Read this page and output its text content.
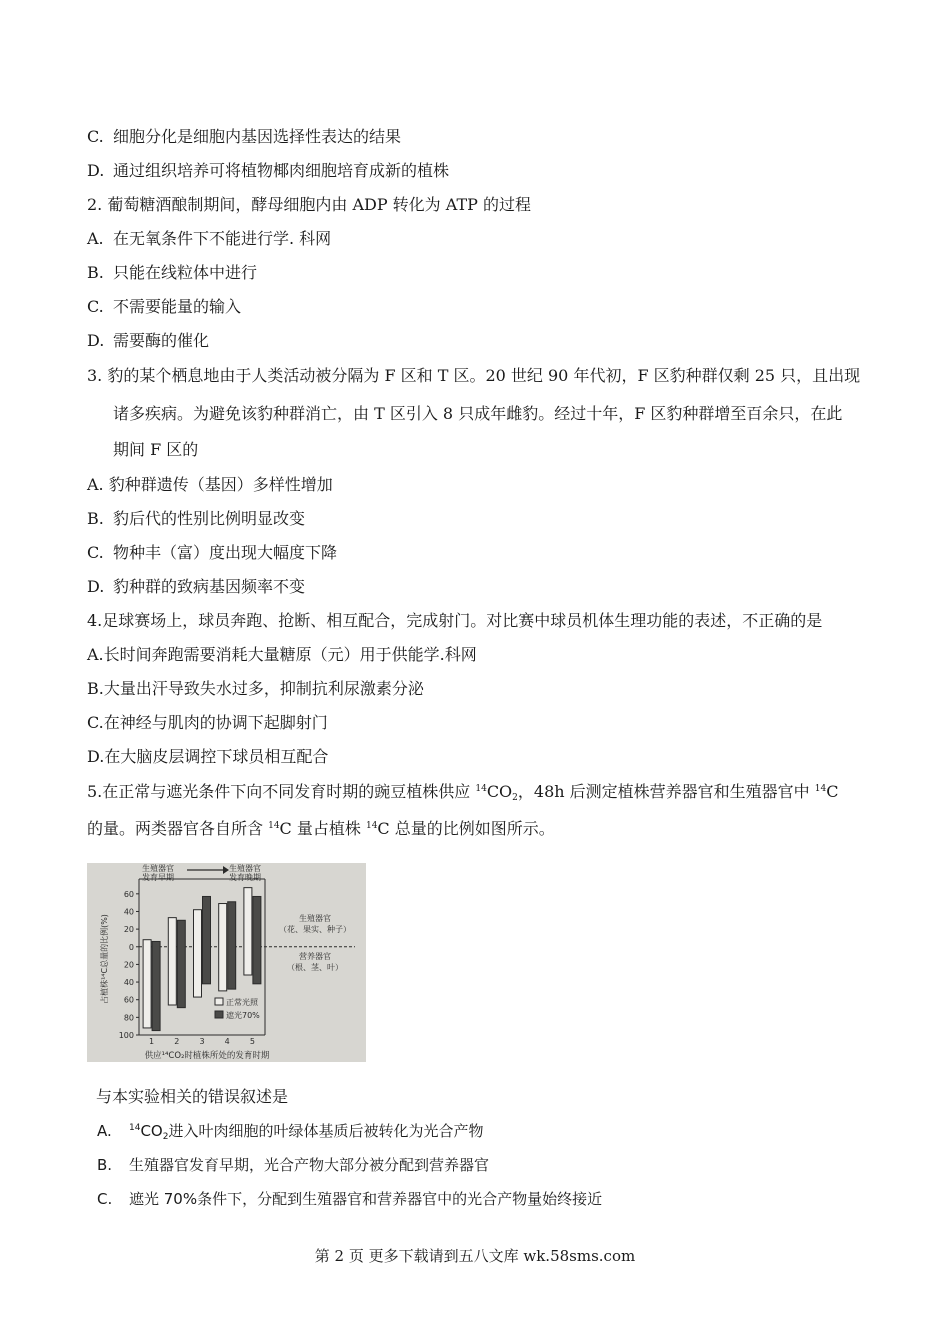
C. 细胞分化是细胞内基因选择性表达的结果
D. 通过组织培养可将植物椰肉细胞培育成新的植株
2. 葡萄糖酒酿制期间，酵母细胞内由 ADP 转化为 ATP 的过程
A. 在无氧条件下不能进行学. 科网
B. 只能在线粒体中进行
C. 不需要能量的输入
D. 需要酶的催化
3. 豹的某个栖息地由于人类活动被分隔为 F 区和 T 区。20 世纪 90 年代初，F 区豹种群仅剩 25 只，且出现
诸多疾病。为避免该豹种群消亡，由 T 区引入 8 只成年雌豹。经过十年，F 区豹种群增至百余只，在此
期间 F 区的
A. 豹种群遗传（基因）多样性增加
B. 豹后代的性别比例明显改变
C. 物种丰（富）度出现大幅度下降
D. 豹种群的致病基因频率不变
4.足球赛场上，球员奔跑、抢断、相互配合，完成射门。对比赛中球员机体生理功能的表述，不正确的是
A.长时间奔跑需要消耗大量糖原（元）用于供能学.科网
B.大量出汗导致失水过多，抑制抗利尿激素分泌
C.在神经与肌肉的协调下起脚射门
D.在大脑皮层调控下球员相互配合
5.在正常与遮光条件下向不同发育时期的豌豆植株供应 $^{14}CO_2$，48h 后测定植株营养器官和生殖器官中 $^{14}$C
的量。两类器官各自所含 $^{14}$C 量占植株 $^{14}$C 总量的比例如图所示。
生殖器官
发育早期
生殖器官
发育晚期
60
40
20
0
20
40
60
80
100
占植株¹⁴C总量的比例(%)
1	2	3	4	5
供应¹⁴CO₂时植株所处的发育时期
生殖器官
（花、果实、种子）
营养器官
（根、茎、叶）
正常光照
遮光70%
与本实验相关的错误叙述是
A. $^{14}CO_2$进入叶肉细胞的叶绿体基质后被转化为光合产物
B. 生殖器官发育早期，光合产物大部分被分配到营养器官
C. 遮光 70%条件下，分配到生殖器官和营养器官中的光合产物量始终接近
第 2 页 更多下载请到五八文库 wk.58sms.com
